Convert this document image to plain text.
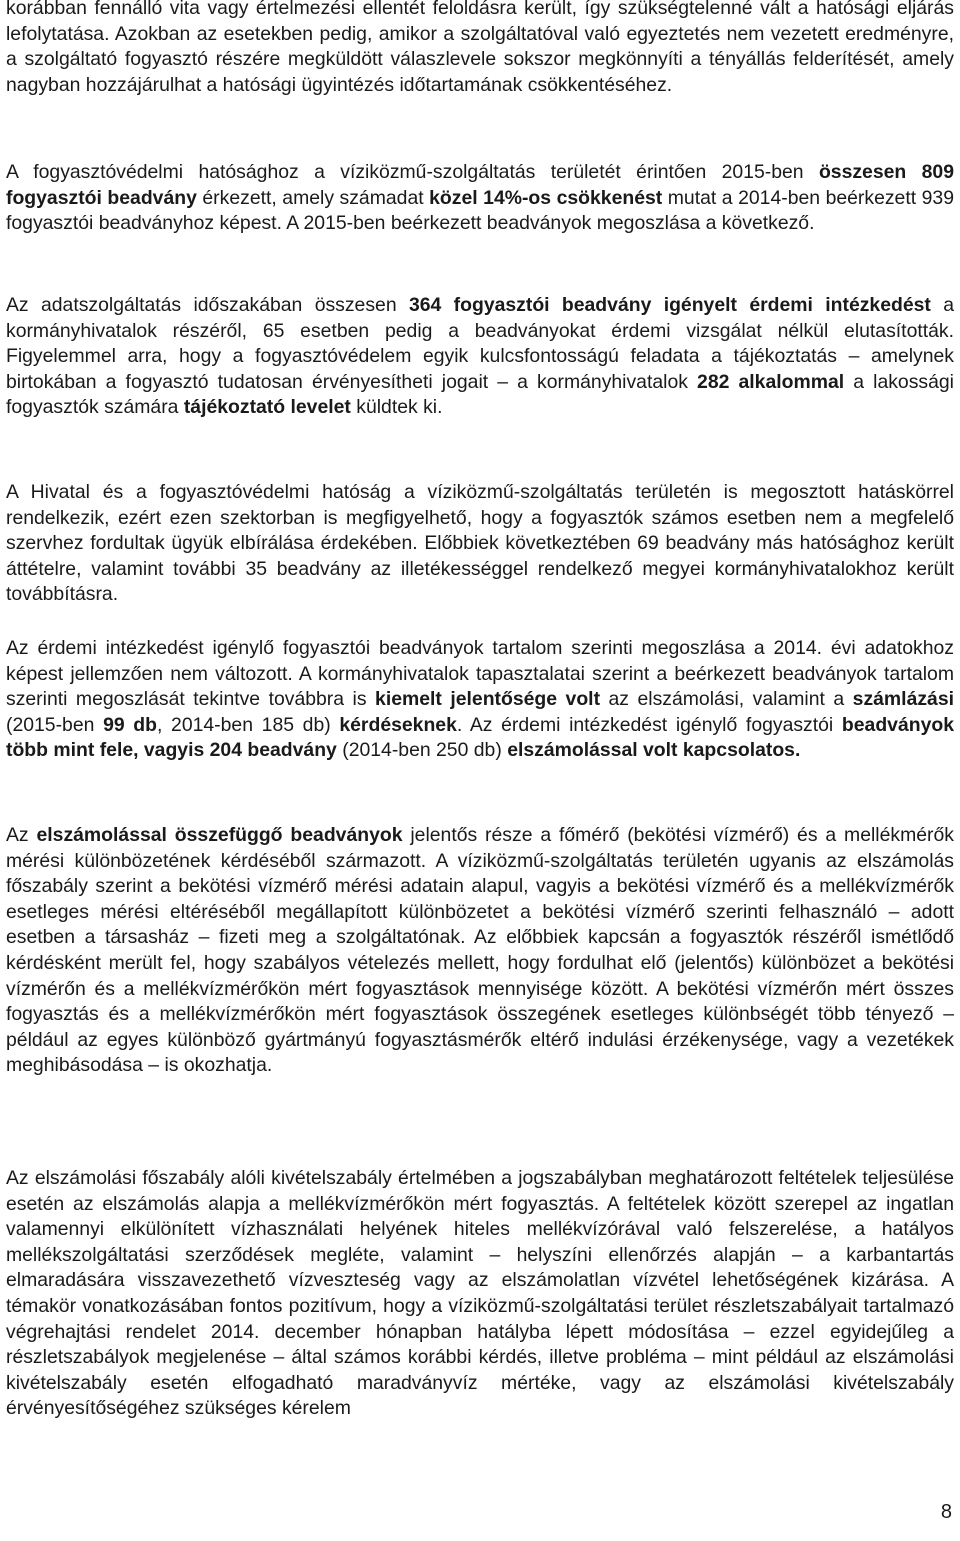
korábban fennálló vita vagy értelmezési ellentét feloldásra került, így szükségtelenné vált a hatósági eljárás lefolytatása. Azokban az esetekben pedig, amikor a szolgáltatóval való egyeztetés nem vezetett eredményre, a szolgáltató fogyasztó részére megküldött válaszlevele sokszor megkönnyíti a tényállás felderítését, amely nagyban hozzájárulhat a hatósági ügyintézés időtartamának csökkentéséhez.

A fogyasztóvédelmi hatósághoz a víziközmű-szolgáltatás területét érintően 2015-ben összesen 809 fogyasztói beadvány érkezett, amely számadat közel 14%-os csökkenést mutat a 2014-ben beérkezett 939 fogyasztói beadványhoz képest. A 2015-ben beérkezett beadványok megoszlása a következő.

Az adatszolgáltatás időszakában összesen 364 fogyasztói beadvány igényelt érdemi intézkedést a kormányhivatalok részéről, 65 esetben pedig a beadványokat érdemi vizsgálat nélkül elutasították. Figyelemmel arra, hogy a fogyasztóvédelem egyik kulcsfontosságú feladata a tájékoztatás – amelynek birtokában a fogyasztó tudatosan érvényesítheti jogait – a kormányhivatalok 282 alkalommal a lakossági fogyasztók számára tájékoztató levelet küldtek ki.

A Hivatal és a fogyasztóvédelmi hatóság a víziközmű-szolgáltatás területén is megosztott hatáskörrel rendelkezik, ezért ezen szektorban is megfigyelhető, hogy a fogyasztók számos esetben nem a megfelelő szervhez fordultak ügyük elbírálása érdekében. Előbbiek következtében 69 beadvány más hatósághoz került áttételre, valamint további 35 beadvány az illetékességgel rendelkező megyei kormányhivatalokhoz került továbbításra.

Az érdemi intézkedést igénylő fogyasztói beadványok tartalom szerinti megoszlása a 2014. évi adatokhoz képest jellemzően nem változott. A kormányhivatalok tapasztalatai szerint a beérkezett beadványok tartalom szerinti megoszlását tekintve továbbra is kiemelt jelentősége volt az elszámolási, valamint a számlázási (2015-ben 99 db, 2014-ben 185 db) kérdéseknek. Az érdemi intézkedést igénylő fogyasztói beadványok több mint fele, vagyis 204 beadvány (2014-ben 250 db) elszámolással volt kapcsolatos.

Az elszámolással összefüggő beadványok jelentős része a főmérő (bekötési vízmérő) és a mellékmérők mérési különbözetének kérdéséből származott. A víziközmű-szolgáltatás területén ugyanis az elszámolás főszabály szerint a bekötési vízmérő mérési adatain alapul, vagyis a bekötési vízmérő és a mellékvízmérők esetleges mérési eltéréséből megállapított különbözetet a bekötési vízmérő szerinti felhasználó – adott esetben a társasház – fizeti meg a szolgáltatónak. Az előbbiek kapcsán a fogyasztók részéről ismétlődő kérdésként merült fel, hogy szabályos vételezés mellett, hogy fordulhat elő (jelentős) különbözet a bekötési vízmérőn és a mellékvízmérőkön mért fogyasztások mennyisége között. A bekötési vízmérőn mért összes fogyasztás és a mellékvízmérőkön mért fogyasztások összegének esetleges különbségét több tényező – például az egyes különböző gyártmányú fogyasztásmérők eltérő indulási érzékenysége, vagy a vezetékek meghibásodása – is okozhatja.

Az elszámolási főszabály alóli kivételszabály értelmében a jogszabályban meghatározott feltételek teljesülése esetén az elszámolás alapja a mellékvízmérőkön mért fogyasztás. A feltételek között szerepel az ingatlan valamennyi elkülönített vízhasználati helyének hiteles mellékvízórával való felszerelése, a hatályos mellékszolgáltatási szerződések megléte, valamint – helyszíni ellenőrzés alapján – a karbantartás elmaradására visszavezethető vízveszteség vagy az elszámolatlan vízvétel lehetőségének kizárása. A témakör vonatkozásában fontos pozitívum, hogy a víziközmű-szolgáltatási terület részletszabályait tartalmazó végrehajtási rendelet 2014. december hónapban hatályba lépett módosítása – ezzel egyidejűleg a részletszabályok megjelenése – által számos korábbi kérdés, illetve probléma – mint például az elszámolási kivételszabály esetén elfogadható maradványvíz mértéke, vagy az elszámolási kivételszabály érvényesítőségéhez szükséges kérelem

8
